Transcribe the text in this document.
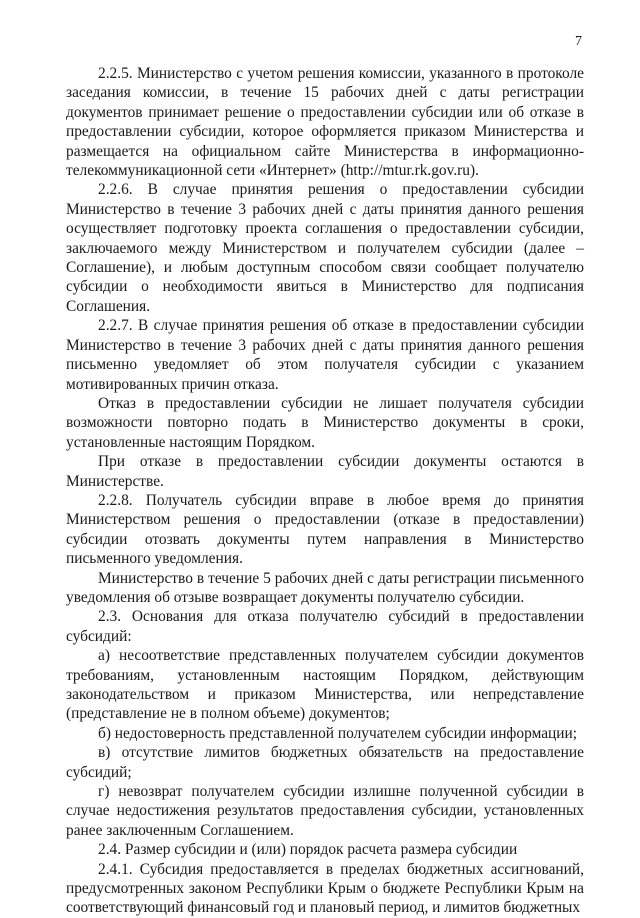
7

2.2.5. Министерство с учетом решения комиссии, указанного в протоколе заседания комиссии, в течение 15 рабочих дней с даты регистрации документов принимает решение о предоставлении субсидии или об отказе в предоставлении субсидии, которое оформляется приказом Министерства и размещается на официальном сайте Министерства в информационно-телекоммуникационной сети «Интернет» (http://mtur.rk.gov.ru).

2.2.6. В случае принятия решения о предоставлении субсидии Министерство в течение 3 рабочих дней с даты принятия данного решения осуществляет подготовку проекта соглашения о предоставлении субсидии, заключаемого между Министерством и получателем субсидии (далее – Соглашение), и любым доступным способом связи сообщает получателю субсидии о необходимости явиться в Министерство для подписания Соглашения.

2.2.7. В случае принятия решения об отказе в предоставлении субсидии Министерство в течение 3 рабочих дней с даты принятия данного решения письменно уведомляет об этом получателя субсидии с указанием мотивированных причин отказа.

Отказ в предоставлении субсидии не лишает получателя субсидии возможности повторно подать в Министерство документы в сроки, установленные настоящим Порядком.

При отказе в предоставлении субсидии документы остаются в Министерстве.

2.2.8. Получатель субсидии вправе в любое время до принятия Министерством решения о предоставлении (отказе в предоставлении) субсидии отозвать документы путем направления в Министерство письменного уведомления.

Министерство в течение 5 рабочих дней с даты регистрации письменного уведомления об отзыве возвращает документы получателю субсидии.

2.3. Основания для отказа получателю субсидий в предоставлении субсидий:

а) несоответствие представленных получателем субсидии документов требованиям, установленным настоящим Порядком, действующим законодательством и приказом Министерства, или непредставление (представление не в полном объеме) документов;

б) недостоверность представленной получателем субсидии информации;

в) отсутствие лимитов бюджетных обязательств на предоставление субсидий;

г) невозврат получателем субсидии излишне полученной субсидии в случае недостижения результатов предоставления субсидии, установленных ранее заключенным Соглашением.

2.4. Размер субсидии и (или) порядок расчета размера субсидии

2.4.1. Субсидия предоставляется в пределах бюджетных ассигнований, предусмотренных законом Республики Крым о бюджете Республики Крым на соответствующий финансовый год и плановый период, и лимитов бюджетных
